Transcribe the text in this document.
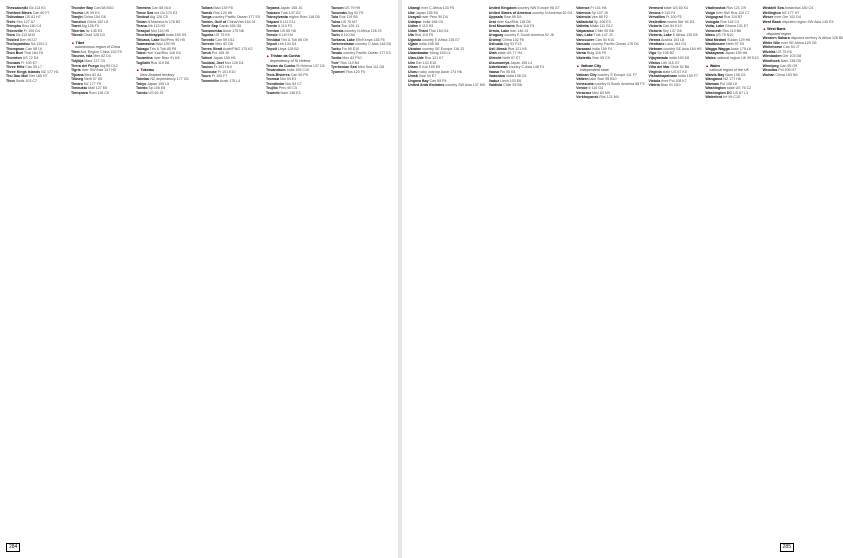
Thessaloniki Gk 113 K3
Thetford Mines Can 60 F7
Thibodaux US 81 H7
Thiès Sen 127 A7
Thimphu Bhu 160 C4
Thionville Fr 100 G4
Thíra Gk 113 M10
Thisted Den 96 D7
Thohoyandou SA 139 L3
Thompson Can 58 L6
Thon Buri Thai 164 F6
Thornton US 72 D4
Thouars Fr 100 E7
Three Hills Can 55 L7
Three Kings Islands NZ 177 H1
Thu Dau Mot Viet 165 H7
Thun Switz 103 C7
Thunder Bay Can 58 M10
Thurso UK 99 E4
Tianjin China 154 G6
Tianshui China 152 L8
Tiaret Alg 126 F3
Tiberias Isr 145 E3
Tibesti Chad 128 D3
▲ Tibet
autonomous region of China
Tibet Aut. Region China 152 F9
Tiburón, Isla Mex 82 D4
Tidjikja Maur 127 C5
Tierra del Fuego Arg 89 D12
Tigris river SW Asia 147 H5
Tijuana Mex 82 A1
Tilburg Neth 97 D9
Timaru NZ 177 F9
Timbuktu Mali 127 E6
Timișoara Rom 116 C6
Timmins Can 58 N10
Timor Sea Ind Oc 173 E3
Tindouf Alg 126 C5
Tinian N Mariana Is 176 B2
Tirana Alb 113 H3
Tiraspol Mol 116 H5
Tiruchchirappalli India 159 D9
Titicaca, Lake Bol/Peru 90 H5
Toamasina Mad 139 H5
Tobago Trin & Tob 85 P8
Tobol river Kaz/Rus 118 G4
Tocantins river Braz 91 K8
Togliatti Rus 119 D6
▲ Tokelau
New Zealand territory
Tokelau NZ dependency 177 G3
Tokyo Japan 155 L5
Toledo Sp 106 E5
Toledo US 69 J5
Toliara Mad 139 F8
Tomsk Rus 120 H6
Tonga country Pacific Ocean 177 E5
Tonkin, Gulf of China/Viet 164 J4
Tonle Sap Camb 165 G6
Toowoomba Austr 175 N6
Topeka US 75 K5
Toronto Can 59 O11
Torreón Mex 82 G6
Torres Strait Austr/PNG 175 K2
Toruń Pol 108 J5
Tottori Japan 155 H5
Toubkal, Jbel Mor 126 D4
Toulon Fr 101 H10
Toulouse Fr 101 E10
Tours Fr 100 F7
Townsville Austr 175 L4
Toyama Japan 155 J4
Trabzon Turk 147 G2
Transylvania region Rom 116 D5
Trapani It 111 E11
Trento It 110 F3
Trenton US 65 H8
Trieste It 110 H4
Trinidad Trin & Tob 85 O9
Tripoli Leb 144 D4
Tripoli Libya 128 B2
▲ Tristan da Cunha
dependency of St Helena
Tristan da Cunha St Helena 137 C8
Trivandrum India 159 C10
Trois-Rivières Can 59 P9
Tromsø Nor 94 E3
Trondheim Nor 94 C7
Trujillo Peru 90 C5
Tsumeb Nam 138 E3
Tucson US 79 H9
Tucumán Arg 92 F5
Tula Rus 119 B5
Tulsa US 75 M7
Tunis Tun 126 J1
Tunisia country N Africa 126 J3
Turin It 110 B4
Turkana, Lake Eth/Kenya 135 F6
Turkmenistan country C Asia 148 D5
Turku Fin 95 E10
Tuvalu country Pacific Ocean 177 E3
Tuxtla Mex 83 P10
Tver' Rus 119 B4
Tyrrhenian Sea Med Sea 111 D8
Tyumen' Rus 120 F5
284
Ubangi river C Africa 133 F5
Ube Japan 155 E6
Ucayali river Peru 90 D4
Udaipur India 158 C6
Udine It 110 H3
Udon Thani Thai 164 G4
Ufa Rus 119 F6
Uganda country E Africa 135 E7
Ujjain India 158 D6
Ukraine country SE Europe 116 J3
Ulaanbaatar Mong 153 L4
Ulan-Ude Rus 121 K7
Ulm Ger 103 E10
Ulsan S Kor 155 E5
Uluru rocky outcrop Austr 174 H6
Umeå Swe 94 E7
Ungava Bay Can 59 P4
United Arab Emirates country SW Asia 147 M9
United Kingdom country NW Europe 98 G7
United States of America country N America 62 D4
Uppsala Swe 95 D9
Ural river Kaz/Rus 118 D5
Ural Mountains Rus 118 F3
Urmia, Lake Iran 146 J3
Uruguay country E South America 92 J6
Ürümqi China 152 F6
Ushuaia Arg 93 F13
Ust'-Ilimsk Rus 121 K6
Utah state US 77 H4
Utrecht Neth 97 E7
Utsunomiya Japan 155 L4
Uzbekistan country C Asia 148 F4
Vaasa Fin 95 E8
Vadodara India 158 C6
Vaduz Liech 103 E6
Valdivia Chile 93 B8
Valence Fr 101 H8
Valencia Sp 107 J5
Valencia Ven 88 F2
Valladolid Sp 106 E3
Valletta Malta 111 G12
Valparaíso Chile 92 B6
Van, Lake Turk 147 J3
Vancouver Can 54 K10
Vanuatu country Pacific Ocean 176 D4
Varanasi India 159 F4
Varna Bulg 116 F9
Västerås Swe 95 C9
▲ Vatican City
independent state
Vatican City country S Europe 111 F7
Vättern lake Swe 95 B10
Venezuela country N South America 88 F3
Venice It 110 G4
Veracruz Mex 83 M9
Verkhoyansk Rus 121 M4
Vermont state US 65 K4
Verona It 110 F4
Versailles Fr 100 F5
Vesterålen island Nor 94 D3
Victoria Can 54 K10
Victoria Sey 137 G6
Victoria, Lake E Africa 135 E8
Vienna Austria 103 L8
Vientiane Laos 164 G4
Vietnam country SE Asia 164 H5
Vigo Sp 106 B2
Vijayawada India 159 E8
Vilnius Lith 115 G7
Viña del Mar Chile 92 B6
Virginia state US 67 K5
Vishakhapatnam India 159 F7
Vistula river Pol 108 K7
Vitória Braz 91 N10
Vladivostok Rus 121 O9
Volga river NW Rus 119 C7
Volgograd Rus 119 B7
Vologda Rus 118 C4
Volta, Lake Ghana 131 E7
Voronezh Rus 119 B6
Waco US 75 N10
Wad Medani Sudan 129 H6
Waddenzee Neth 97 E5
Wagga Wagga Austr 175 L8
Wakayama Japan 155 H6
Wales national region UK 99 E10
▲ Wales
national region of the UK
Walvis Bay Nam 138 C5
Wanganui NZ 177 H6
Warsaw Pol 108 L6
Washington state US 76 C2
Washington DC US 67 L3
Waterford Ire 99 C10
Weddell Sea Antarctica 180 C4
Wellington NZ 177 H7
Weser river Ger 102 D4
West Bank disputed region SW Asia 145 E5
▲ West Bank
disputed region
Western Sahara disputed territory N Africa 126 B6
White Nile river SE Africa 129 G6
Whitehorse Can 54 J7
Wichita US 75 K6
Wiesbaden Ger 103 D8
Windhoek Nam 138 D5
Winnipeg Can 55 O9
Wrocław Pol 108 H7
Wuhan China 153 N9
285
